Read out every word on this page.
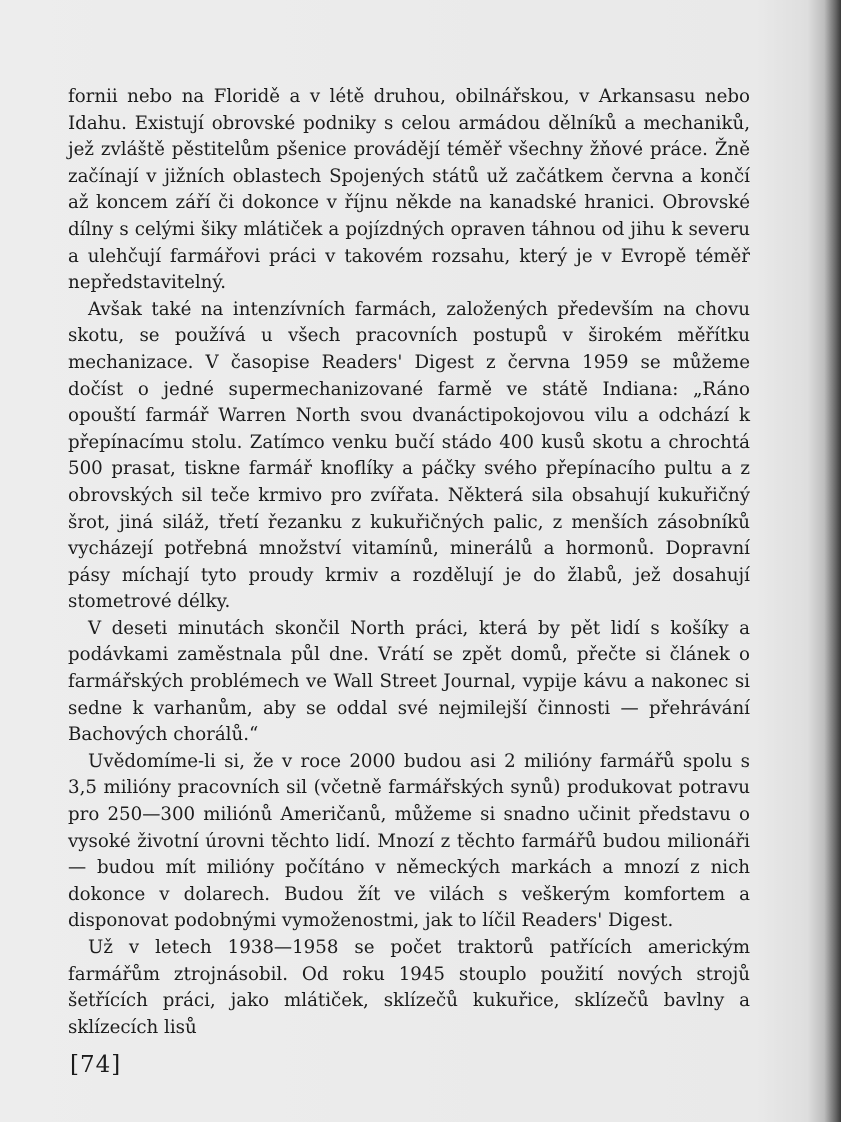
fornii nebo na Floridě a v létě druhou, obilnářskou, v Arkansasu nebo Idahu. Existují obrovské podniky s celou armádou dělníků a mechaniků, jež zvláště pěstitelům pšenice provádějí téměř všechny žňové práce. Žně začínají v jižních oblastech Spojených států už začátkem června a končí až koncem září či dokonce v říjnu někde na kanadské hranici. Obrovské dílny s celými šiky mlátiček a pojízdných opraven táhnou od jihu k severu a ulehčují farmářovi práci v takovém rozsahu, který je v Evropě téměř nepředstavitelný.

Avšak také na intenzívních farmách, založených především na chovu skotu, se používá u všech pracovních postupů v širokém měřítku mechanizace. V časopise Readers' Digest z června 1959 se můžeme dočíst o jedné supermechanizované farmě ve státě Indiana: „Ráno opouští farmář Warren North svou dvanáctipokojovou vilu a odchází k přepínacímu stolu. Zatímco venku bučí stádo 400 kusů skotu a chrochtá 500 prasat, tiskne farmář knoflíky a páčky svého přepínacího pultu a z obrovských sil teče krmivo pro zvířata. Některá sila obsahují kukuřičný šrot, jiná siláž, třetí řezanku z kukuřičných palic, z menších zásobníků vycházejí potřebná množství vitamínů, minerálů a hormonů. Dopravní pásy míchají tyto proudy krmiv a rozdělují je do žlabů, jež dosahují stometrové délky.

V deseti minutách skončil North práci, která by pět lidí s košíky a podávkami zaměstnala půl dne. Vrátí se zpět domů, přečte si článek o farmářských problémech ve Wall Street Journal, vypije kávu a nakonec si sedne k varhanům, aby se oddal své nejmilejší činnosti — přehrávání Bachových chorálů.“

Uvědomíme-li si, že v roce 2000 budou asi 2 milióny farmářů spolu s 3,5 milióny pracovních sil (včetně farmářských synů) produkovat potravu pro 250—300 miliónů Američanů, můžeme si snadno učinit představu o vysoké životní úrovni těchto lidí. Mnozí z těchto farmářů budou milionáři — budou mít milióny počítáno v německých markách a mnozí z nich dokonce v dolarech. Budou žít ve vilách s veškerým komfortem a disponovat podobnými vymoženostmi, jak to líčil Readers' Digest.

Už v letech 1938—1958 se počet traktorů patřících americkým farmářům ztrojnásobil. Od roku 1945 stouplo použití nových strojů šetřících práci, jako mlátiček, sklízečů kukuřice, sklízečů bavlny a sklízecích lisů

[74]
